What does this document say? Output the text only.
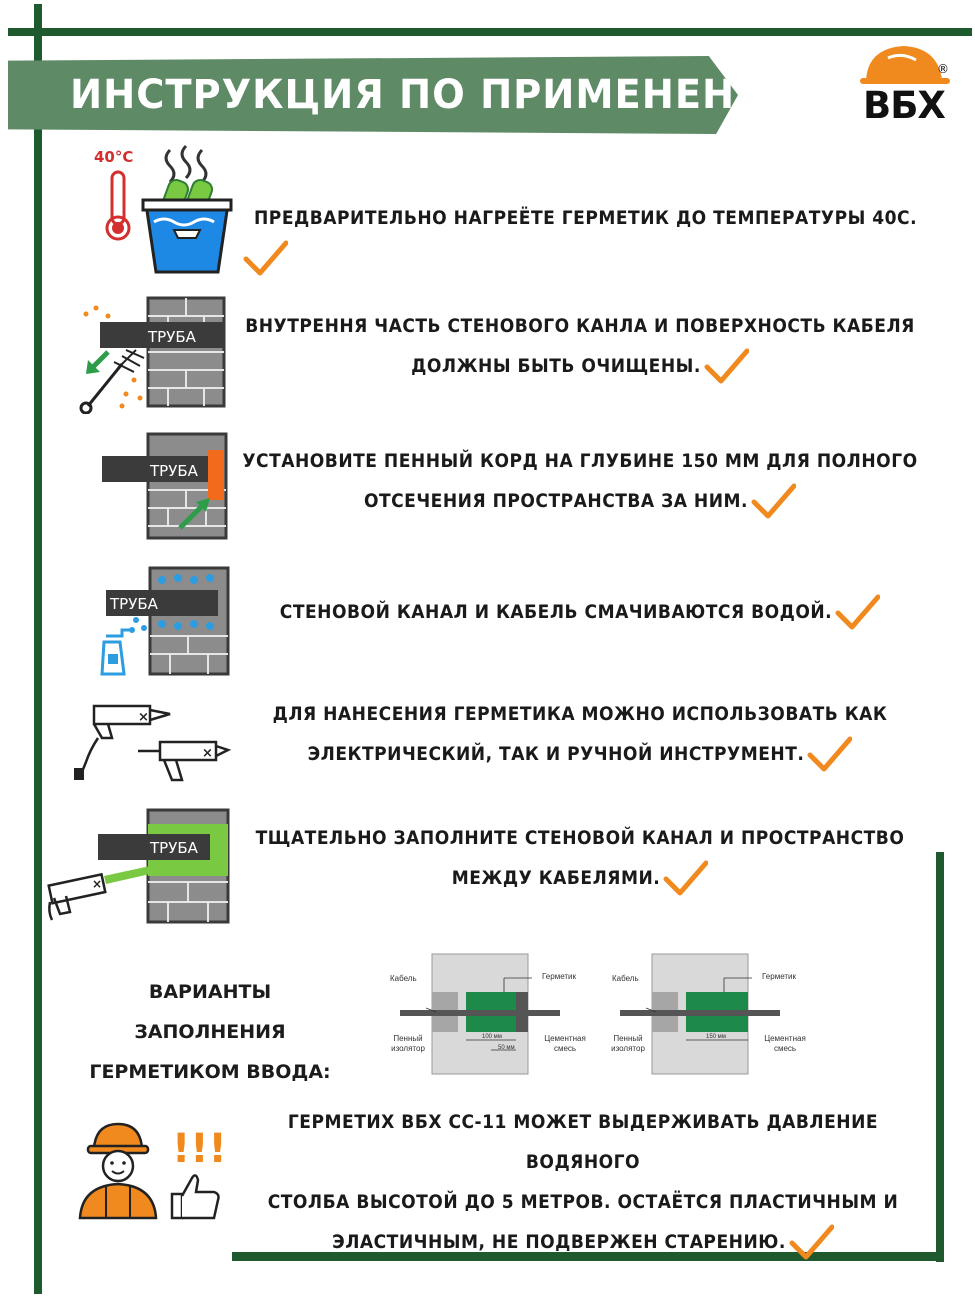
ИНСТРУКЦИЯ ПО ПРИМЕНЕНИЮ ВБХ
®
40°С
ПРЕДВАРИТЕЛЬНО НАГРЕЁТЕ ГЕРМЕТИК ДО ТЕМПЕРАТУРЫ 40С.
ТРУБА	ВНУТРЕННЯ ЧАСТЬ СТЕНОВОГО КАНЛА И ПОВЕРХНОСТЬ КАБЕЛЯ
ДОЛЖНЫ БЫТЬ ОЧИЩЕНЫ.
ТРУБА УСТАНОВИТЕ ПЕННЫЙ КОРД НА ГЛУБИНЕ 150 ММ ДЛЯ ПОЛНОГО
ОТСЕЧЕНИЯ ПРОСТРАНСТВА ЗА НИМ.
ТРУБА	СТЕНОВОЙ КАНАЛ И КАБЕЛЬ СМАЧИВАЮТСЯ ВОДОЙ.
×
×
ДЛЯ НАНЕСЕНИЯ ГЕРМЕТИКА МОЖНО ИСПОЛЬЗОВАТЬ КАК
ЭЛЕКТРИЧЕСКИЙ, ТАК И РУЧНОЙ ИНСТРУМЕНТ.
ТРУБА
×
ТЩАТЕЛЬНО ЗАПОЛНИТЕ СТЕНОВОЙ КАНАЛ И ПРОСТРАНСТВО
МЕЖДУ КАБЕЛЯМИ.
ВАРИАНТЫ ЗАПОЛНЕНИЯ
ГЕРМЕТИКОМ ВВОДА:
Кабель	Герметик
Пенный
изолятор
Цементная
смесь
100 мм
50 мм
Кабель	Герметик
Пенный
изолятор
Цементная
смесь
150 мм
!!!
ГЕРМЕТИХ ВБХ СС-11 МОЖЕТ ВЫДЕРЖИВАТЬ ДАВЛЕНИЕ ВОДЯНОГО
СТОЛБА ВЫСОТОЙ ДО 5 МЕТРОВ. ОСТАЁТСЯ ПЛАСТИЧНЫМ И
ЭЛАСТИЧНЫМ, НЕ ПОДВЕРЖЕН СТАРЕНИЮ.
